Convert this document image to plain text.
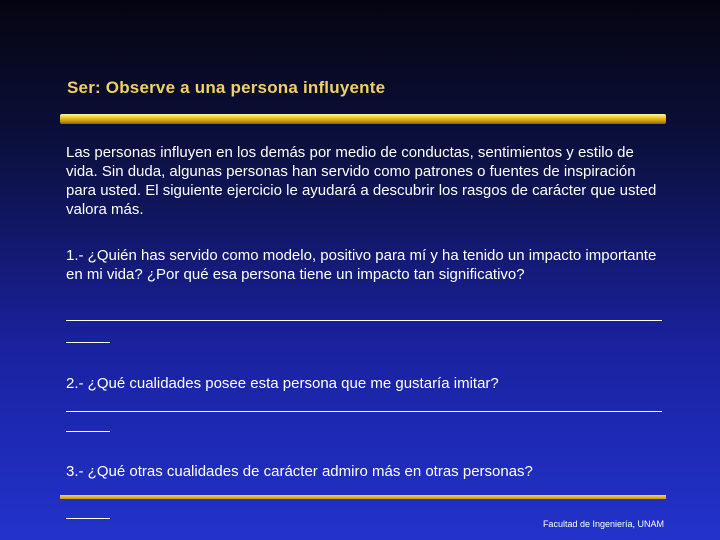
Ser: Observe a una persona influyente
Las personas influyen en los demás por medio de conductas, sentimientos y estilo de vida. Sin duda, algunas personas han servido como patrones o fuentes de inspiración para usted. El siguiente ejercicio le ayudará a descubrir los rasgos de carácter que usted valora más.
1.- ¿Quién has servido como modelo, positivo para mí y ha tenido un impacto importante en mi vida? ¿Por qué esa persona tiene un impacto tan significativo?
2.- ¿Qué cualidades posee esta persona que me gustaría imitar?
3.- ¿Qué otras cualidades de carácter admiro más en otras personas?
Facultad de Ingeniería, UNAM
